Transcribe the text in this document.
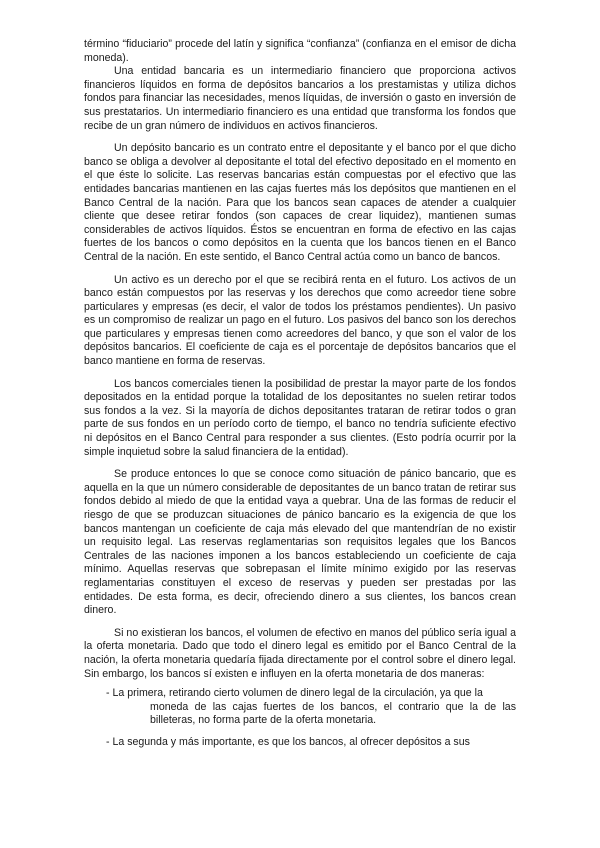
término “fiduciario” procede del latín y significa “confianza” (confianza en el emisor de dicha moneda).

Una entidad bancaria es un intermediario financiero que proporciona activos financieros líquidos en forma de depósitos bancarios a los prestamistas y utiliza dichos fondos para financiar las necesidades, menos líquidas, de inversión o gasto en inversión de sus prestatarios. Un intermediario financiero es una entidad que transforma los fondos que recibe de un gran número de individuos en activos financieros.

Un depósito bancario es un contrato entre el depositante y el banco por el que dicho banco se obliga a devolver al depositante el total del efectivo depositado en el momento en el que éste lo solicite. Las reservas bancarias están compuestas por el efectivo que las entidades bancarias mantienen en las cajas fuertes más los depósitos que mantienen en el Banco Central de la nación. Para que los bancos sean capaces de atender a cualquier cliente que desee retirar fondos (son capaces de crear liquidez), mantienen sumas considerables de activos líquidos. Éstos se encuentran en forma de efectivo en las cajas fuertes de los bancos o como depósitos en la cuenta que los bancos tienen en el Banco Central de la nación. En este sentido, el Banco Central actúa como un banco de bancos.

Un activo es un derecho por el que se recibirá renta en el futuro. Los activos de un banco están compuestos por las reservas y los derechos que como acreedor tiene sobre particulares y empresas (es decir, el valor de todos los préstamos pendientes). Un pasivo es un compromiso de realizar un pago en el futuro. Los pasivos del banco son los derechos que particulares y empresas tienen como acreedores del banco, y que son el valor de los depósitos bancarios. El coeficiente de caja es el porcentaje de depósitos bancarios que el banco mantiene en forma de reservas.

Los bancos comerciales tienen la posibilidad de prestar la mayor parte de los fondos depositados en la entidad porque la totalidad de los depositantes no suelen retirar todos sus fondos a la vez. Si la mayoría de dichos depositantes trataran de retirar todos o gran parte de sus fondos en un período corto de tiempo, el banco no tendría suficiente efectivo ni depósitos en el Banco Central para responder a sus clientes. (Esto podría ocurrir por la simple inquietud sobre la salud financiera de la entidad).

Se produce entonces lo que se conoce como situación de pánico bancario, que es aquella en la que un número considerable de depositantes de un banco tratan de retirar sus fondos debido al miedo de que la entidad vaya a quebrar. Una de las formas de reducir el riesgo de que se produzcan situaciones de pánico bancario es la exigencia de que los bancos mantengan un coeficiente de caja más elevado del que mantendrían de no existir un requisito legal. Las reservas reglamentarias son requisitos legales que los Bancos Centrales de las naciones imponen a los bancos estableciendo un coeficiente de caja mínimo. Aquellas reservas que sobrepasan el límite mínimo exigido por las reservas reglamentarias constituyen el exceso de reservas y pueden ser prestadas por las entidades. De esta forma, es decir, ofreciendo dinero a sus clientes, los bancos crean dinero.

Si no existieran los bancos, el volumen de efectivo en manos del público sería igual a la oferta monetaria. Dado que todo el dinero legal es emitido por el Banco Central de la nación, la oferta monetaria quedaría fijada directamente por el control sobre el dinero legal. Sin embargo, los bancos sí existen e influyen en la oferta monetaria de dos maneras:

- La primera, retirando cierto volumen de dinero legal de la circulación, ya que la
moneda de las cajas fuertes de los bancos, el contrario que la de las billeteras, no forma parte de la oferta monetaria.
- La segunda y más importante, es que los bancos, al ofrecer depósitos a sus
